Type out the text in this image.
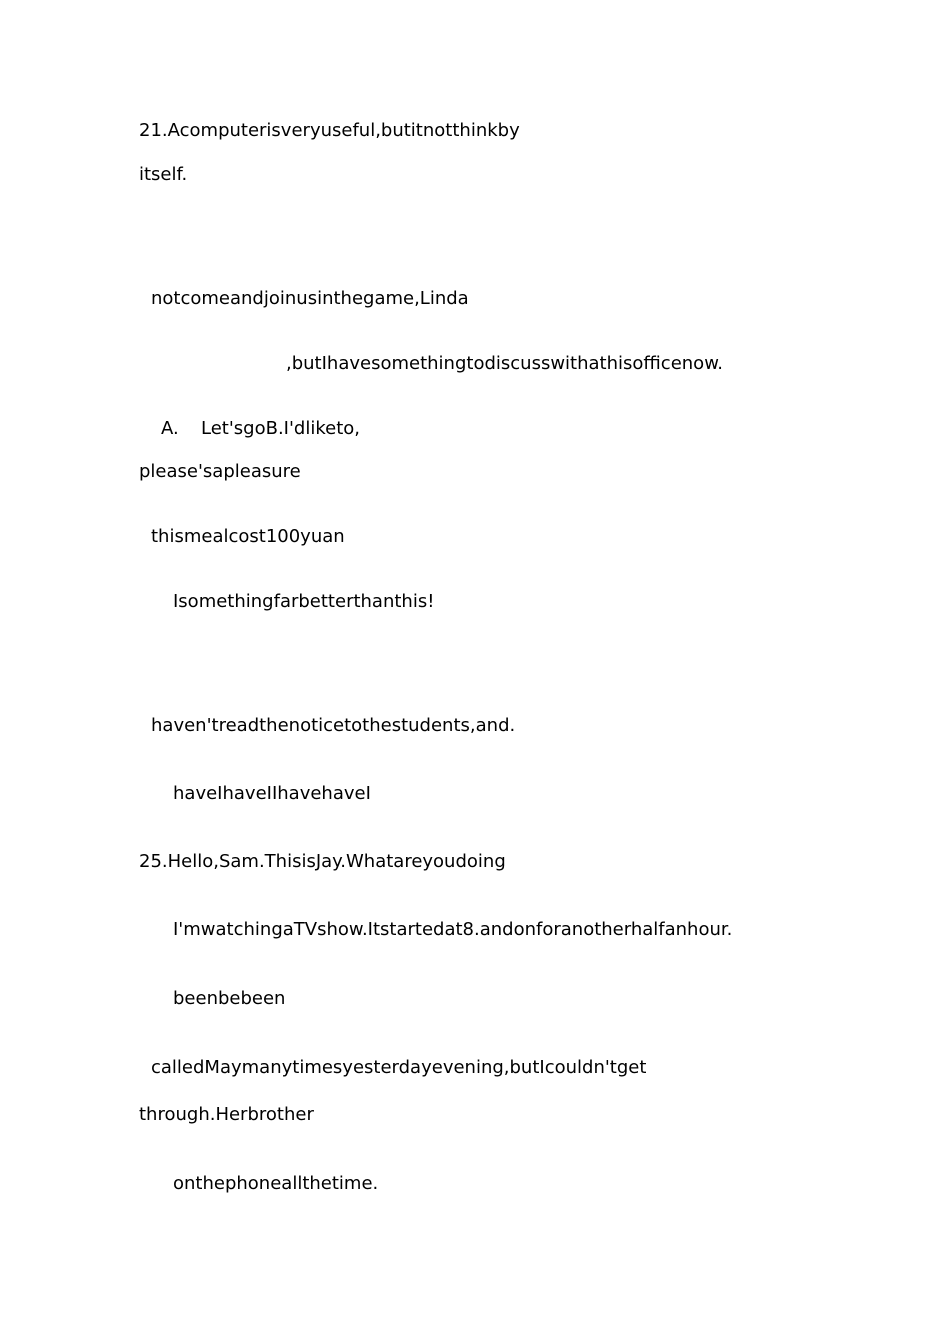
21.Acomputerisveryuseful,butitnotthinkby
itself.
notcomeandjoinusinthegame,Linda
,butIhavesomethingtodiscusswithathisofficenow.
A. Let'sgoB.I'dliketo,
please'sapleasure
thismealcost100yuan
Isomethingfarbetterthanthis!
haven'treadthenoticetothestudents,and.
haveIhaveIIhavehaveI
25.Hello,Sam.ThisisJay.Whatareyoudoing
I'mwatchingaTVshow.Itstartedat8.andonforanotherhalfanhour.
beenbebeen
calledMaymanytimesyesterdayevening,butIcouldn'tget
through.Herbrother
onthephoneallthetime.
